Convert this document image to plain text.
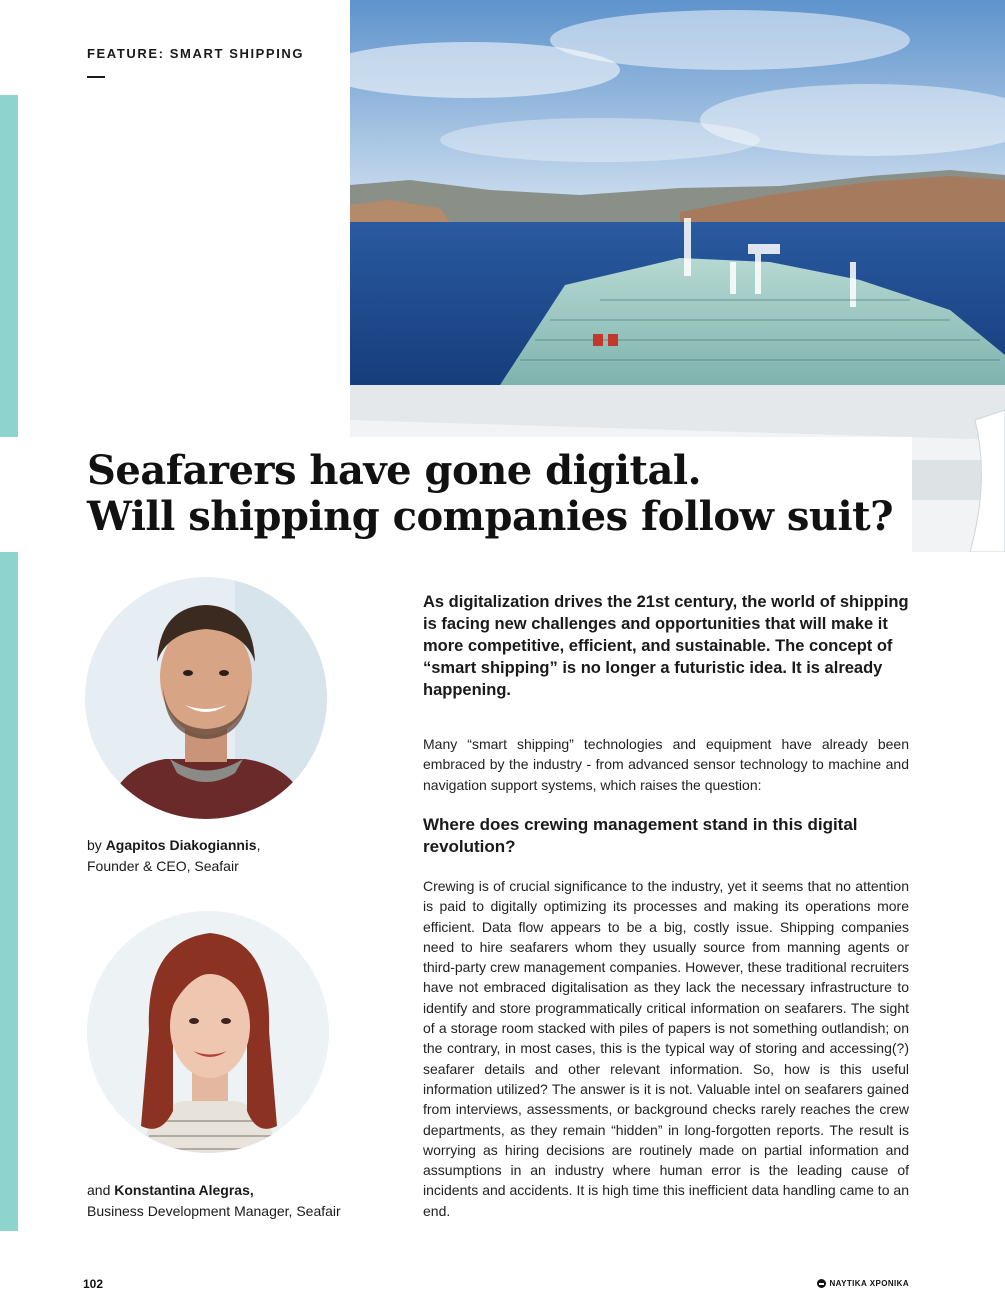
FEATURE: SMART SHIPPING
Seafarers have gone digital.
Will shipping companies follow suit?
by Agapitos Diakogiannis,
Founder & CEO, Seafair
and Konstantina Alegras,
Business Development Manager, Seafair

As digitalization drives the 21st century, the world of shipping is facing new challenges and opportunities that will make it more competitive, efficient, and sustainable. The concept of “smart shipping” is no longer a futuristic idea. It is already happening.

Many “smart shipping” technologies and equipment have already been embraced by the industry - from advanced sensor technology to machine and navigation support systems, which raises the question:

Where does crewing management stand in this digital revolution?

Crewing is of crucial significance to the industry, yet it seems that no attention is paid to digitally optimizing its processes and making its operations more efficient. Data flow appears to be a big, costly issue. Shipping companies need to hire seafarers whom they usually source from manning agents or third-party crew management companies. However, these traditional recruiters have not embraced digitalisation as they lack the necessary infrastructure to identify and store programmatically critical information on seafarers. The sight of a storage room stacked with piles of papers is not something outlandish; on the contrary, in most cases, this is the typical way of storing and accessing(?) seafarer details and other relevant information. So, how is this useful information utilized? The answer is it is not. Valuable intel on seafarers gained from interviews, assessments, or background checks rarely reaches the crew departments, as they remain “hidden” in long-forgotten reports. The result is worrying as hiring decisions are routinely made on partial information and assumptions in an industry where human error is the leading cause of incidents and accidents. It is high time this inefficient data handling came to an end.

102	ΝΑΥΤΙΚΑ ΧΡΟΝΙΚΑ
